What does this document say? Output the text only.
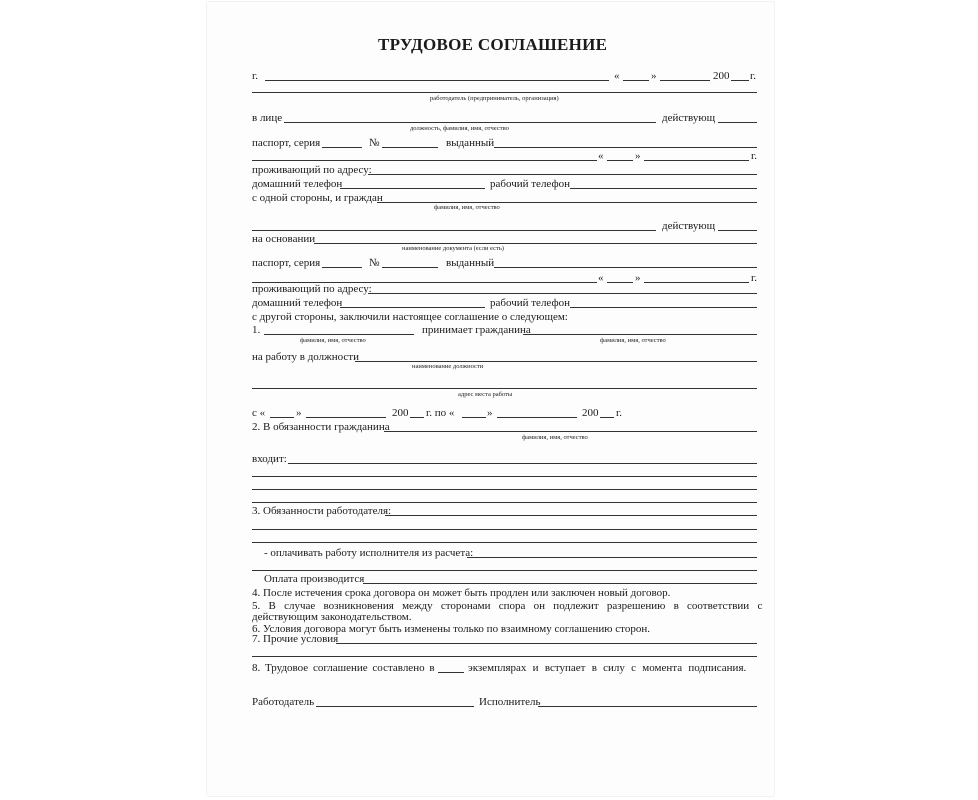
ТРУДОВОЕ СОГЛАШЕНИЕ
г.	«	»	200 г.
работодатель (предприниматель, организация)
в лице	действующ
должность, фамилия, имя, отчество
паспорт, серия	№	выданный
«	»	г.
проживающий по адресу:
домашний телефон	рабочий телефон
с одной стороны, и граждан
фамилия, имя, отчество
действующ
на основании
наименование документа (если есть)
паспорт, серия	№	выданный
«	»	г.
проживающий по адресу:
домашний телефон	рабочий телефон
с другой стороны, заключили настоящее соглашение о следующем:
1.	принимает гражданина
фамилия, имя, отчество	фамилия, имя, отчество
на работу в должности
наименование должности
адрес места работы
с «	»	200 г. по «	»	200 г.
2. В обязанности гражданина
фамилия, имя, отчество
входит:
3. Обязанности работодателя:
- оплачивать работу исполнителя из расчета:
Оплата производится
4. После истечения срока договора он может быть продлен или заключен новый договор.
5. В случае возникновения между сторонами спора он подлежит разрешению в соответствии с
действующим законодательством.
6. Условия договора могут быть изменены только по взаимному соглашению сторон.
7. Прочие условия
8. Трудовое соглашение составлено в	экземплярах и вступает в силу с момента подписания.
Работодатель	Исполнитель
